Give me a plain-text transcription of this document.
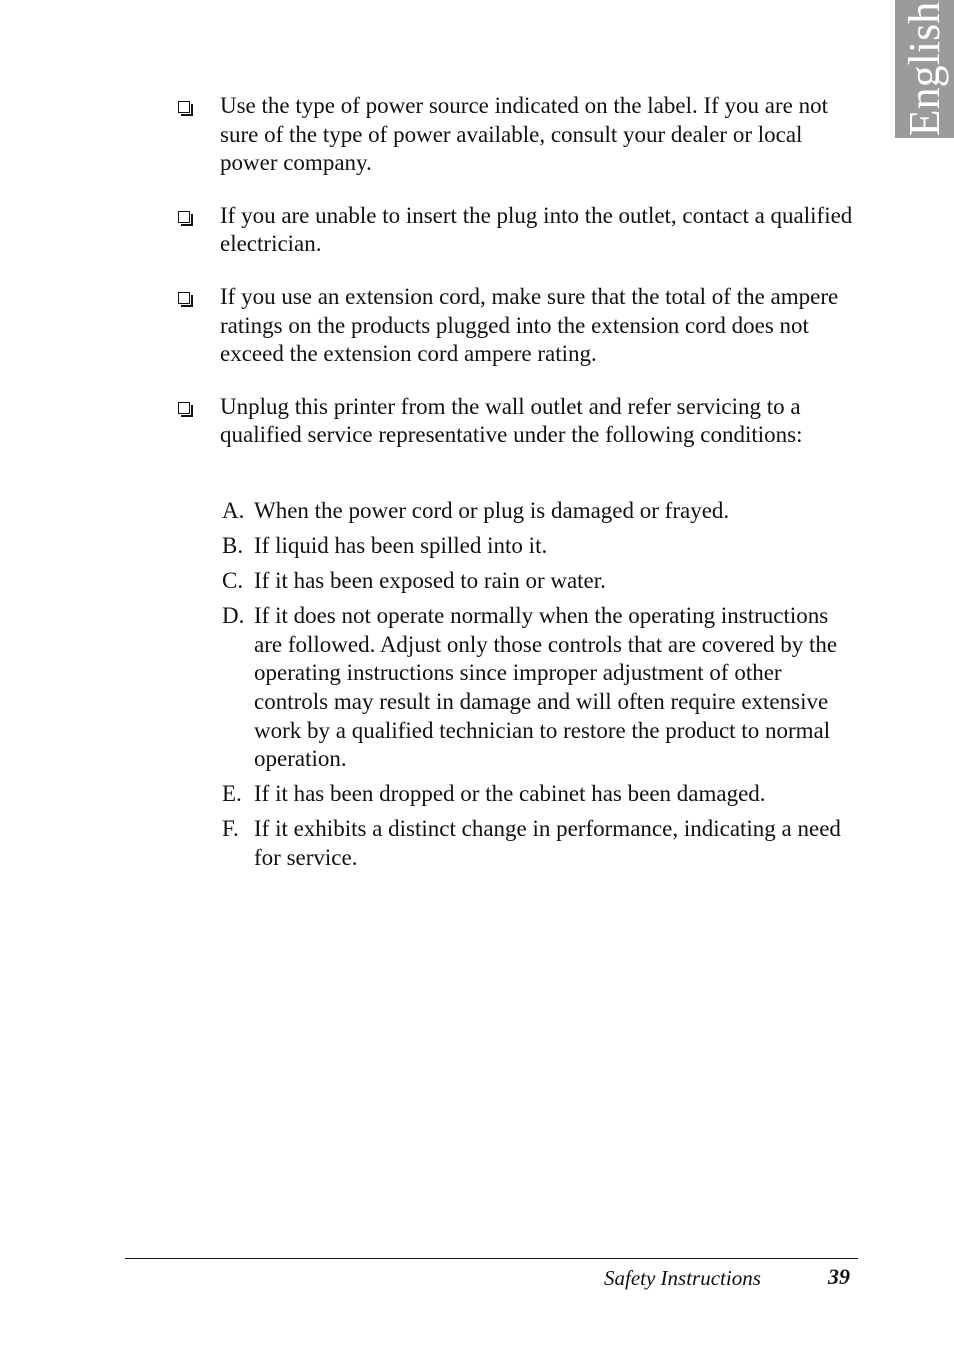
English
Use the type of power source indicated on the label. If you are not sure of the type of power available, consult your dealer or local power company.
If you are unable to insert the plug into the outlet, contact a qualified electrician.
If you use an extension cord, make sure that the total of the ampere ratings on the products plugged into the extension cord does not exceed the extension cord ampere rating.
Unplug this printer from the wall outlet and refer servicing to a qualified service representative under the following conditions:
A. When the power cord or plug is damaged or frayed.
B. If liquid has been spilled into it.
C. If it has been exposed to rain or water.
D. If it does not operate normally when the operating instructions are followed. Adjust only those controls that are covered by the operating instructions since improper adjustment of other controls may result in damage and will often require extensive work by a qualified technician to restore the product to normal operation.
E. If it has been dropped or the cabinet has been damaged.
F. If it exhibits a distinct change in performance, indicating a need for service.
Safety Instructions	39
